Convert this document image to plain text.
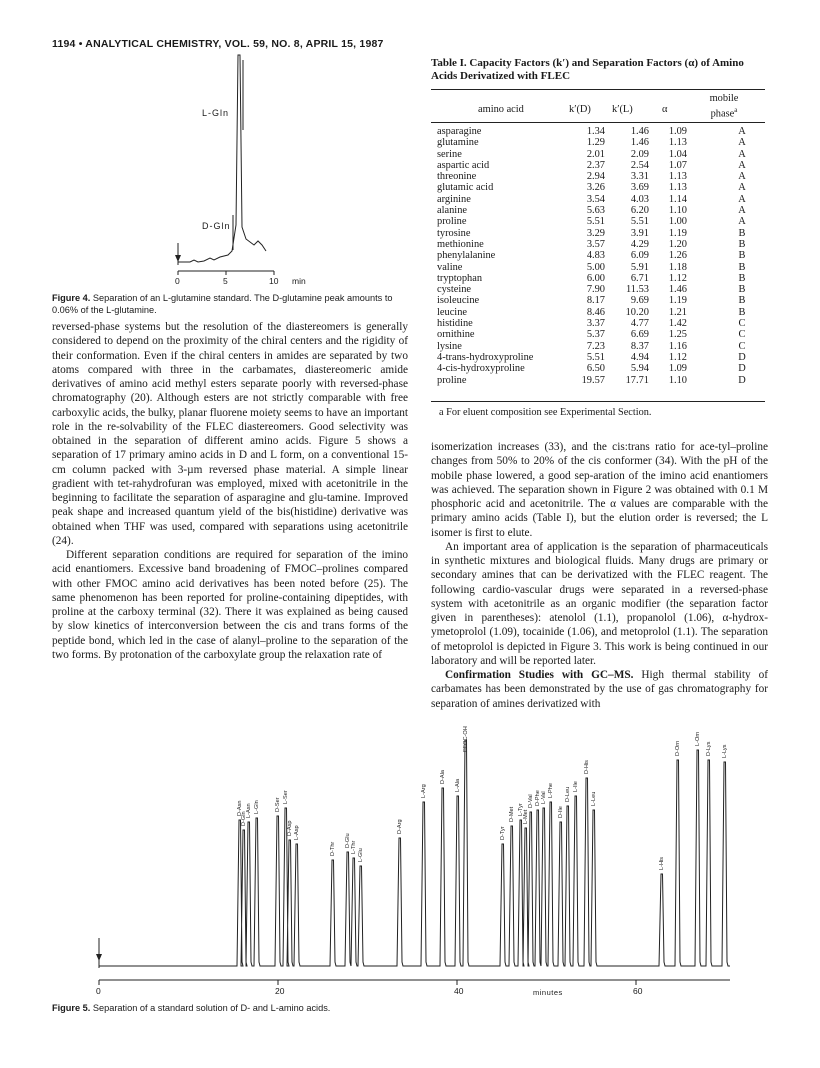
1194 • ANALYTICAL CHEMISTRY, VOL. 59, NO. 8, APRIL 15, 1987
L-Gln
D-Gln
0	5	10 min
Figure 4. Separation of an L-glutamine standard. The D-glutamine peak amounts to 0.06% of the L-glutamine.

reversed-phase systems but the resolution of the diastereomers is generally considered to depend on the proximity of the chiral centers and the rigidity of their conformation. Even if the chiral centers in amides are separated by two atoms compared with three in the carbamates, diastereomeric amide derivatives of amino acid methyl esters separate poorly with reversed-phase chromatography (20). Although esters are not strictly comparable with free carboxylic acids, the bulky, planar fluorene moiety seems to have an important role in the re-solvability of the FLEC diastereomers. Good selectivity was obtained in the separation of different amino acids. Figure 5 shows a separation of 17 primary amino acids in D and L form, on a conventional 15-cm column packed with 3-µm reversed phase material. A simple linear gradient with tet-rahydrofuran was employed, mixed with acetonitrile in the beginning to facilitate the separation of asparagine and glu-tamine. Improved peak shape and increased quantum yield of the bis(histidine) derivative was obtained when THF was used, compared with separations using acetonitrile (24).

Different separation conditions are required for separation of the imino acid enantiomers. Excessive band broadening of FMOC–prolines compared with other FMOC amino acid derivatives has been noted before (25). The same phenomenon has been reported for proline-containing dipeptides, with proline at the carboxy terminal (32). There it was explained as being caused by slow kinetics of interconversion between the cis and trans forms of the peptide bond, which led in the case of alanyl–proline to the separation of the two forms. By protonation of the carboxylate group the relaxation rate of

Table I. Capacity Factors (k′) and Separation Factors (α) of Amino Acids Derivatized with FLEC
amino acid	k′(D) k′(L)	α
mobile phase$^a$
asparagine	1.34	1.46	1.09	A
glutamine	1.29	1.46	1.13	A
serine	2.01	2.09	1.04	A
aspartic acid	2.37	2.54	1.07	A
threonine	2.94	3.31	1.13	A
glutamic acid	3.26	3.69	1.13	A
arginine	3.54	4.03	1.14	A
alanine	5.63	6.20	1.10	A
proline	5.51	5.51	1.00	A
tyrosine	3.29	3.91	1.19	B
methionine	3.57	4.29	1.20	B
phenylalanine	4.83	6.09	1.26	B
valine	5.00	5.91	1.18	B
tryptophan	6.00	6.71	1.12	B
cysteine	7.90	11.53	1.46	B
isoleucine	8.17	9.69	1.19	B
leucine	8.46	10.20	1.21	B
histidine	3.37	4.77	1.42	C
ornithine	5.37	6.69	1.25	C
lysine	7.23	8.37	1.16	C
4-trans-hydroxyproline	5.51	4.94	1.12	D
4-cis-hydroxyproline	6.50	5.94	1.09	D
proline	19.57	17.71	1.10	D
a For eluent composition see Experimental Section.

isomerization increases (33), and the cis:trans ratio for ace-tyl–proline changes from 50% to 20% of the cis conformer (34). With the pH of the mobile phase lowered, a good sep-aration of the imino acid enantiomers was achieved. The separation shown in Figure 2 was obtained with 0.1 M phosphoric acid and acetonitrile. The α values are comparable with the primary amino acids (Table I), but the elution order is reversed; the L isomer is first to elute.

An important area of application is the separation of pharmaceuticals in synthetic mixtures and biological fluids. Many drugs are primary or secondary amines that can be derivatized with the FLEC reagent. The following cardio-vascular drugs were separated in a reversed-phase system with acetonitrile as an organic modifier (the separation factor given in parentheses): atenolol (1.1), propanolol (1.06), α-hydrox-ymetoprolol (1.09), tocainide (1.06), and metoprolol (1.1). The separation of metoprolol is depicted in Figure 3. This work is being continued in our laboratory and will be reported later.

Confirmation Studies with GC–MS. High thermal stability of carbamates has been demonstrated by the use of gas chromatography for separation of amines derivatized with

D-Asn
D-Gln
L-Asn L-Gln	D-Ser
L-Ser
D-Asp L-Asp
D-Thr
D-Glu L-Thr
L-Glu
D-Arg
L-Arg
D-Ala
L-Ala
FEOC-OH
D-Tyr
D-Met L-Tyr
L-Met
D-Val D-Phe L-Val L-Phe
D-Ile
D-Leu
L-Ile
D-His
L-Leu
L-His
D-Orn
L-Orn
D-Lys L-Lys
0	20	40	minutes	60
Figure 5. Separation of a standard solution of D- and L-amino acids.
